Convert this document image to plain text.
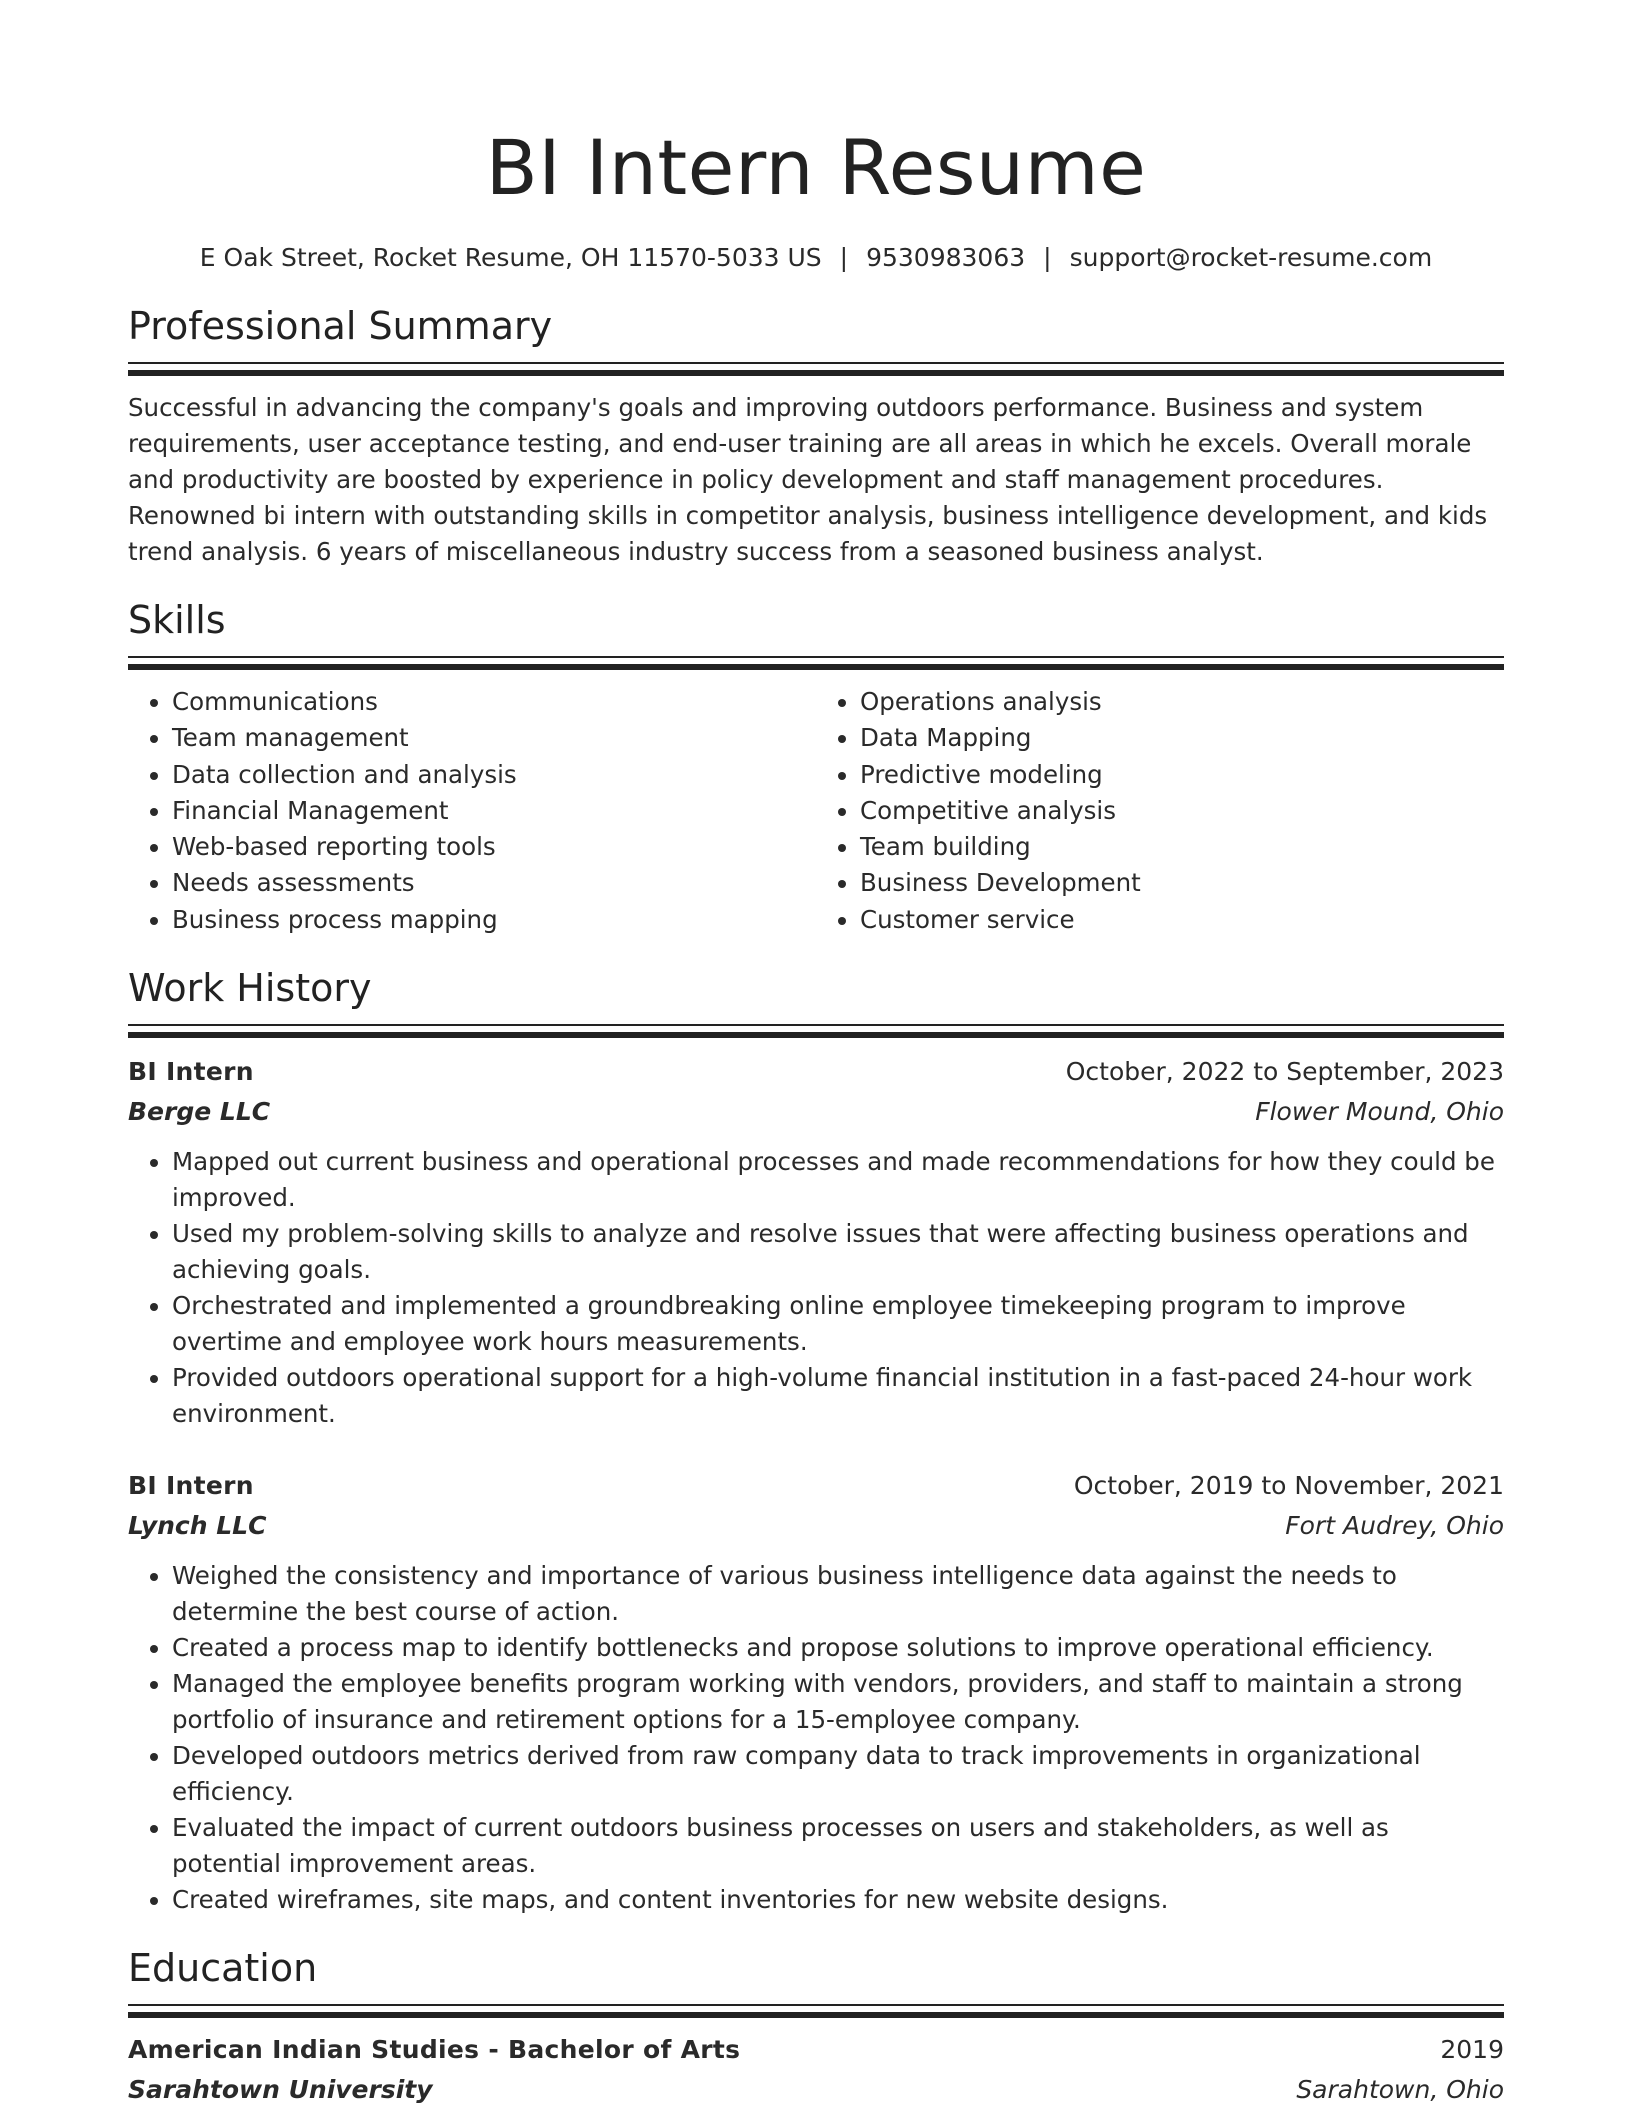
BI Intern Resume
E Oak Street, Rocket Resume, OH 11570-5033 US | 9530983063 | support@rocket-resume.com
Professional Summary
Successful in advancing the company's goals and improving outdoors performance. Business and system requirements, user acceptance testing, and end-user training are all areas in which he excels. Overall morale and productivity are boosted by experience in policy development and staff management procedures. Renowned bi intern with outstanding skills in competitor analysis, business intelligence development, and kids trend analysis. 6 years of miscellaneous industry success from a seasoned business analyst.
Skills
• Communications
• Team management
• Data collection and analysis
• Financial Management
• Web-based reporting tools
• Needs assessments
• Business process mapping
• Operations analysis
• Data Mapping
• Predictive modeling
• Competitive analysis
• Team building
• Business Development
• Customer service
Work History
BI Intern	October, 2022 to September, 2023
Berge LLC	Flower Mound, Ohio
• Mapped out current business and operational processes and made recommendations for how they could be improved.
• Used my problem-solving skills to analyze and resolve issues that were affecting business operations and achieving goals.
• Orchestrated and implemented a groundbreaking online employee timekeeping program to improve overtime and employee work hours measurements.
• Provided outdoors operational support for a high-volume financial institution in a fast-paced 24-hour work environment.
BI Intern	October, 2019 to November, 2021
Lynch LLC	Fort Audrey, Ohio
• Weighed the consistency and importance of various business intelligence data against the needs to determine the best course of action.
• Created a process map to identify bottlenecks and propose solutions to improve operational efficiency.
• Managed the employee benefits program working with vendors, providers, and staff to maintain a strong portfolio of insurance and retirement options for a 15-employee company.
• Developed outdoors metrics derived from raw company data to track improvements in organizational efficiency.
• Evaluated the impact of current outdoors business processes on users and stakeholders, as well as potential improvement areas.
• Created wireframes, site maps, and content inventories for new website designs.
Education
American Indian Studies - Bachelor of Arts	2019
Sarahtown University	Sarahtown, Ohio
